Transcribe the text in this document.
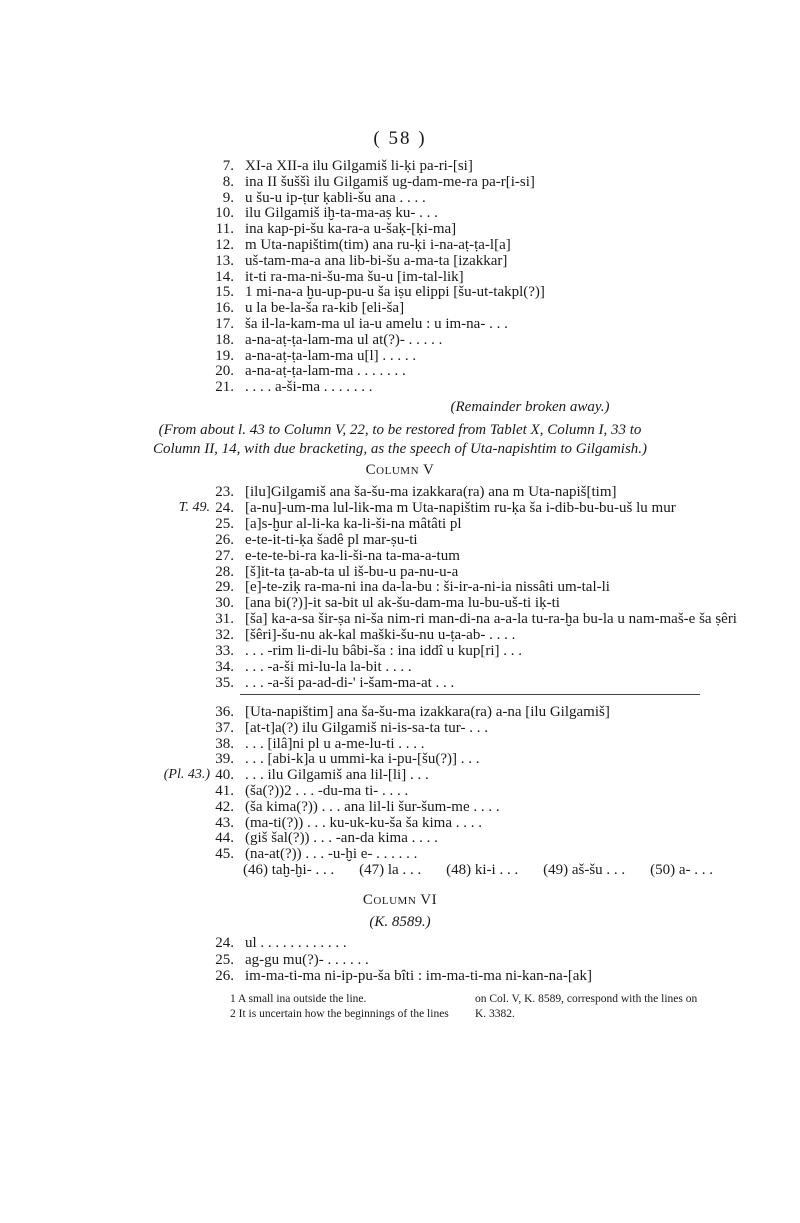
( 58 )
7. XI-a XII-a ilu Gilgamiš li-ḳi pa-ri-[si]
8. ina II šuššì ilu Gilgamiš ug-dam-me-ra pa-r[i-si]
9. u šu-u ip-ṭur ḳabli-šu ana . . . .
10. ilu Gilgamiš iḫ-ta-ma-aṣ ku- . . .
11. ina kap-pi-šu ka-ra-a u-šaḳ-[ḳi-ma]
12. m Uta-napištim(tim) ana ru-ḳi i-na-aṭ-ṭa-l[a]
13. uš-tam-ma-a ana lib-bi-šu a-ma-ta [izakkar]
14. it-ti ra-ma-ni-šu-ma šu-u [im-tal-lik]
15. 1 mi-na-a ḫu-up-pu-u ša iṣu elippi [šu-ut-takpl(?)]
16. u la be-la-ša ra-kib [eli-ša]
17. ša il-la-kam-ma ul ia-u amelu : u im-na- . . .
18. a-na-aṭ-ṭa-lam-ma ul at(?)- . . . . .
19. a-na-aṭ-ṭa-lam-ma u[l] . . . . .
20. a-na-aṭ-ṭa-lam-ma . . . . . . .
21. . . . . a-ši-ma . . . . . . .
(Remainder broken away.)
(From about l. 43 to Column V, 22, to be restored from Tablet X, Column I, 33 to
Column II, 14, with due bracketing, as the speech of Uta-napishtim to Gilgamish.)
Column V
23. [ilu]Gilgamiš ana ša-šu-ma izakkara(ra) ana m Uta-napiš[tim]
T. 49. 24. [a-nu]-um-ma lul-lik-ma m Uta-napištim ru-ḳa ša i-dib-bu-bu-uš lu mur
25. [a]s-ḫur al-li-ka ka-li-ši-na mâtâti pl
26. e-te-it-ti-ḳa šadê pl mar-ṣu-ti
27. e-te-te-bi-ra ka-li-ši-na ta-ma-a-tum
28. [š]it-ta ṭa-ab-ta ul iš-bu-u pa-nu-u-a
29. [e]-te-ziḳ ra-ma-ni ina da-la-bu : ši-ir-a-ni-ia nissâti um-tal-li
30. [ana bi(?)]-it sa-bit ul ak-šu-dam-ma lu-bu-uš-ti iḳ-ti
31. [ša] ka-a-sa šir-ṣa ni-ša nim-ri man-di-na a-a-la tu-ra-ḫa bu-la u nam-maš-e ša ṣêri
32. [šêri]-šu-nu ak-kal maški-šu-nu u-ṭa-ab- . . . .
33. . . . -rim li-di-lu bâbi-ša : ina iddî u kup[ri] . . .
34. . . . -a-ši mi-lu-la la-bit . . . .
35. . . . -a-ši pa-ad-di-' i-šam-ma-at . . .
36. [Uta-napištim] ana ša-šu-ma izakkara(ra) a-na [ilu Gilgamiš]
37. [at-t]a(?) ilu Gilgamiš ni-is-sa-ta tur- . . .
38. . . . [ilâ]ni pl u a-me-lu-ti . . . .
39. . . . [abi-k]a u ummi-ka i-pu-[šu(?)] . . .
(Pl. 43.) 40. . . . ilu Gilgamiš ana lil-[li] . . .
41. (ša(?))2 . . . -du-ma ti- . . . .
42. (ša kima(?)) . . . ana lil-li šur-šum-me . . . .
43. (ma-ti(?)) . . . ku-uk-ku-ša ša kima . . . .
44. (giš šal(?)) . . . -an-da kima . . . .
45. (na-at(?)) . . . -u-ḫi e- . . . . . .
(46) taḫ-ḫi- . . . (47) la . . . (48) ki-i . . . (49) aš-šu . . . (50) a- . . .
Column VI
(K. 8589.)
24. ul . . . . . . . . . . . .
25. ag-gu mu(?)- . . . . . .
26. im-ma-ti-ma ni-ip-pu-ša bîti : im-ma-ti-ma ni-kan-na-[ak]
1 A small ina outside the line.
2 It is uncertain how the beginnings of the lines
on Col. V, K. 8589, correspond with the lines on
K. 3382.
